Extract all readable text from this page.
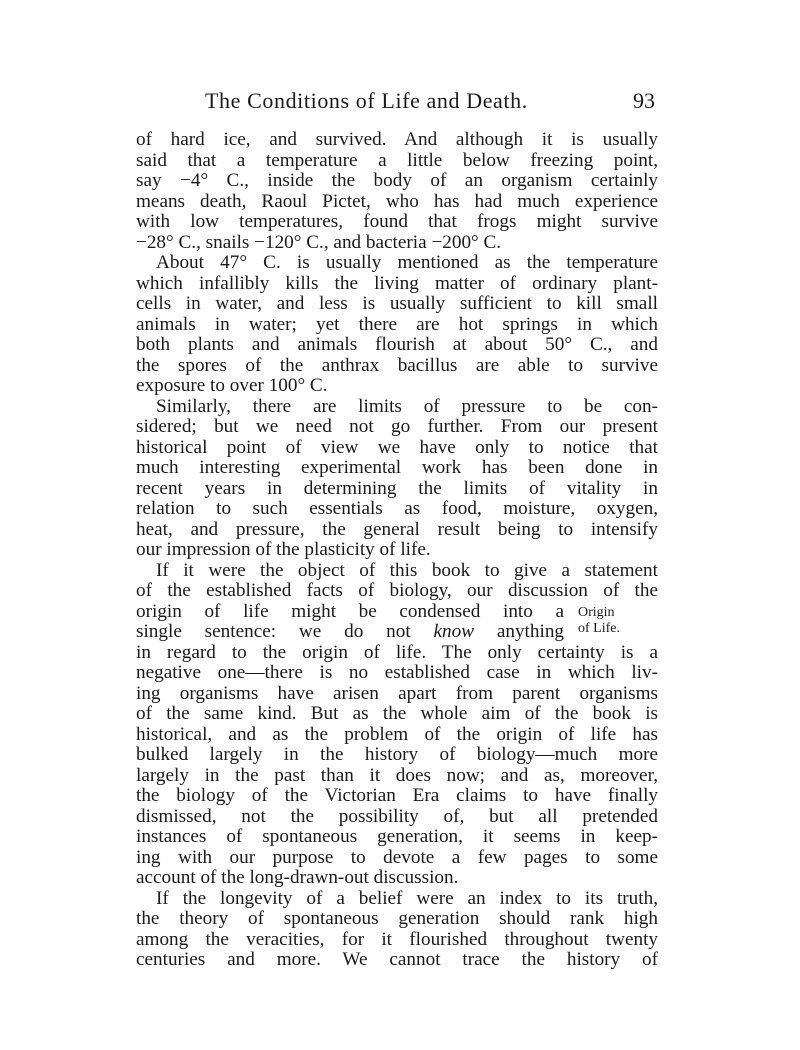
The Conditions of Life and Death.	93
of hard ice, and survived. And although it is usually
said that a temperature a little below freezing point,
say −4° C., inside the body of an organism certainly
means death, Raoul Pictet, who has had much experience
with low temperatures, found that frogs might survive
−28° C., snails −120° C., and bacteria −200° C.
About 47° C. is usually mentioned as the temperature
which infallibly kills the living matter of ordinary plant-
cells in water, and less is usually sufficient to kill small
animals in water; yet there are hot springs in which
both plants and animals flourish at about 50° C., and
the spores of the anthrax bacillus are able to survive
exposure to over 100° C.
Similarly, there are limits of pressure to be con-
sidered; but we need not go further. From our present
historical point of view we have only to notice that
much interesting experimental work has been done in
recent years in determining the limits of vitality in
relation to such essentials as food, moisture, oxygen,
heat, and pressure, the general result being to intensify
our impression of the plasticity of life.
If it were the object of this book to give a statement
of the established facts of biology, our discussion of the
origin of life might be condensed into a
single sentence: we do not know anything
in regard to the origin of life. The only certainty is a
negative one—there is no established case in which liv-
ing organisms have arisen apart from parent organisms
of the same kind. But as the whole aim of the book is
historical, and as the problem of the origin of life has
bulked largely in the history of biology—much more
largely in the past than it does now; and as, moreover,
the biology of the Victorian Era claims to have finally
dismissed, not the possibility of, but all pretended
instances of spontaneous generation, it seems in keep-
ing with our purpose to devote a few pages to some
account of the long-drawn-out discussion.
If the longevity of a belief were an index to its truth,
the theory of spontaneous generation should rank high
among the veracities, for it flourished throughout twenty
centuries and more. We cannot trace the history of
Origin
of Life.
